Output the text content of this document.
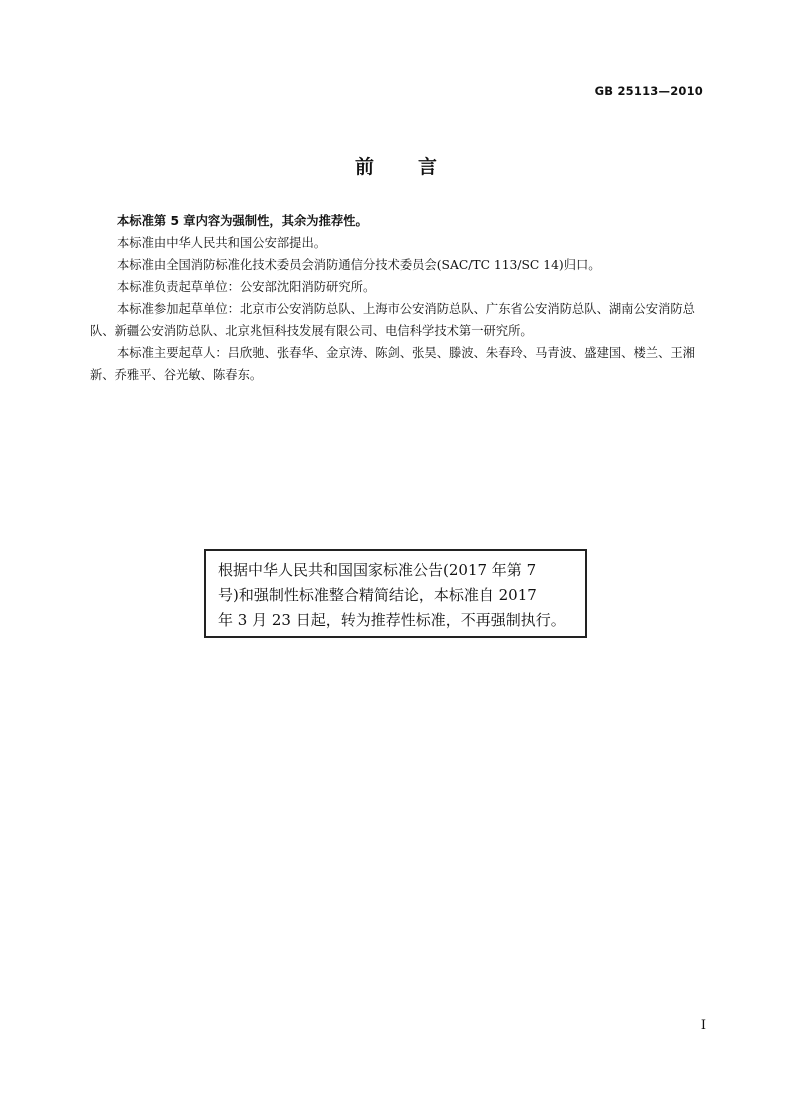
GB 25113—2010
前言

本标准第 5 章内容为强制性，其余为推荐性。

本标准由中华人民共和国公安部提出。

本标准由全国消防标准化技术委员会消防通信分技术委员会(SAC/TC 113/SC 14)归口。

本标准负责起草单位：公安部沈阳消防研究所。

本标准参加起草单位：北京市公安消防总队、上海市公安消防总队、广东省公安消防总队、湖南公安消防总队、新疆公安消防总队、北京兆恒科技发展有限公司、电信科学技术第一研究所。

本标准主要起草人：吕欣驰、张春华、金京涛、陈剑、张昊、滕波、朱春玲、马青波、盛建国、楼兰、王湘新、乔雅平、谷光敏、陈春东。

根据中华人民共和国国家标准公告(2017 年第 7
号)和强制性标准整合精简结论，本标准自 2017
年 3 月 23 日起，转为推荐性标准，不再强制执行。
I
